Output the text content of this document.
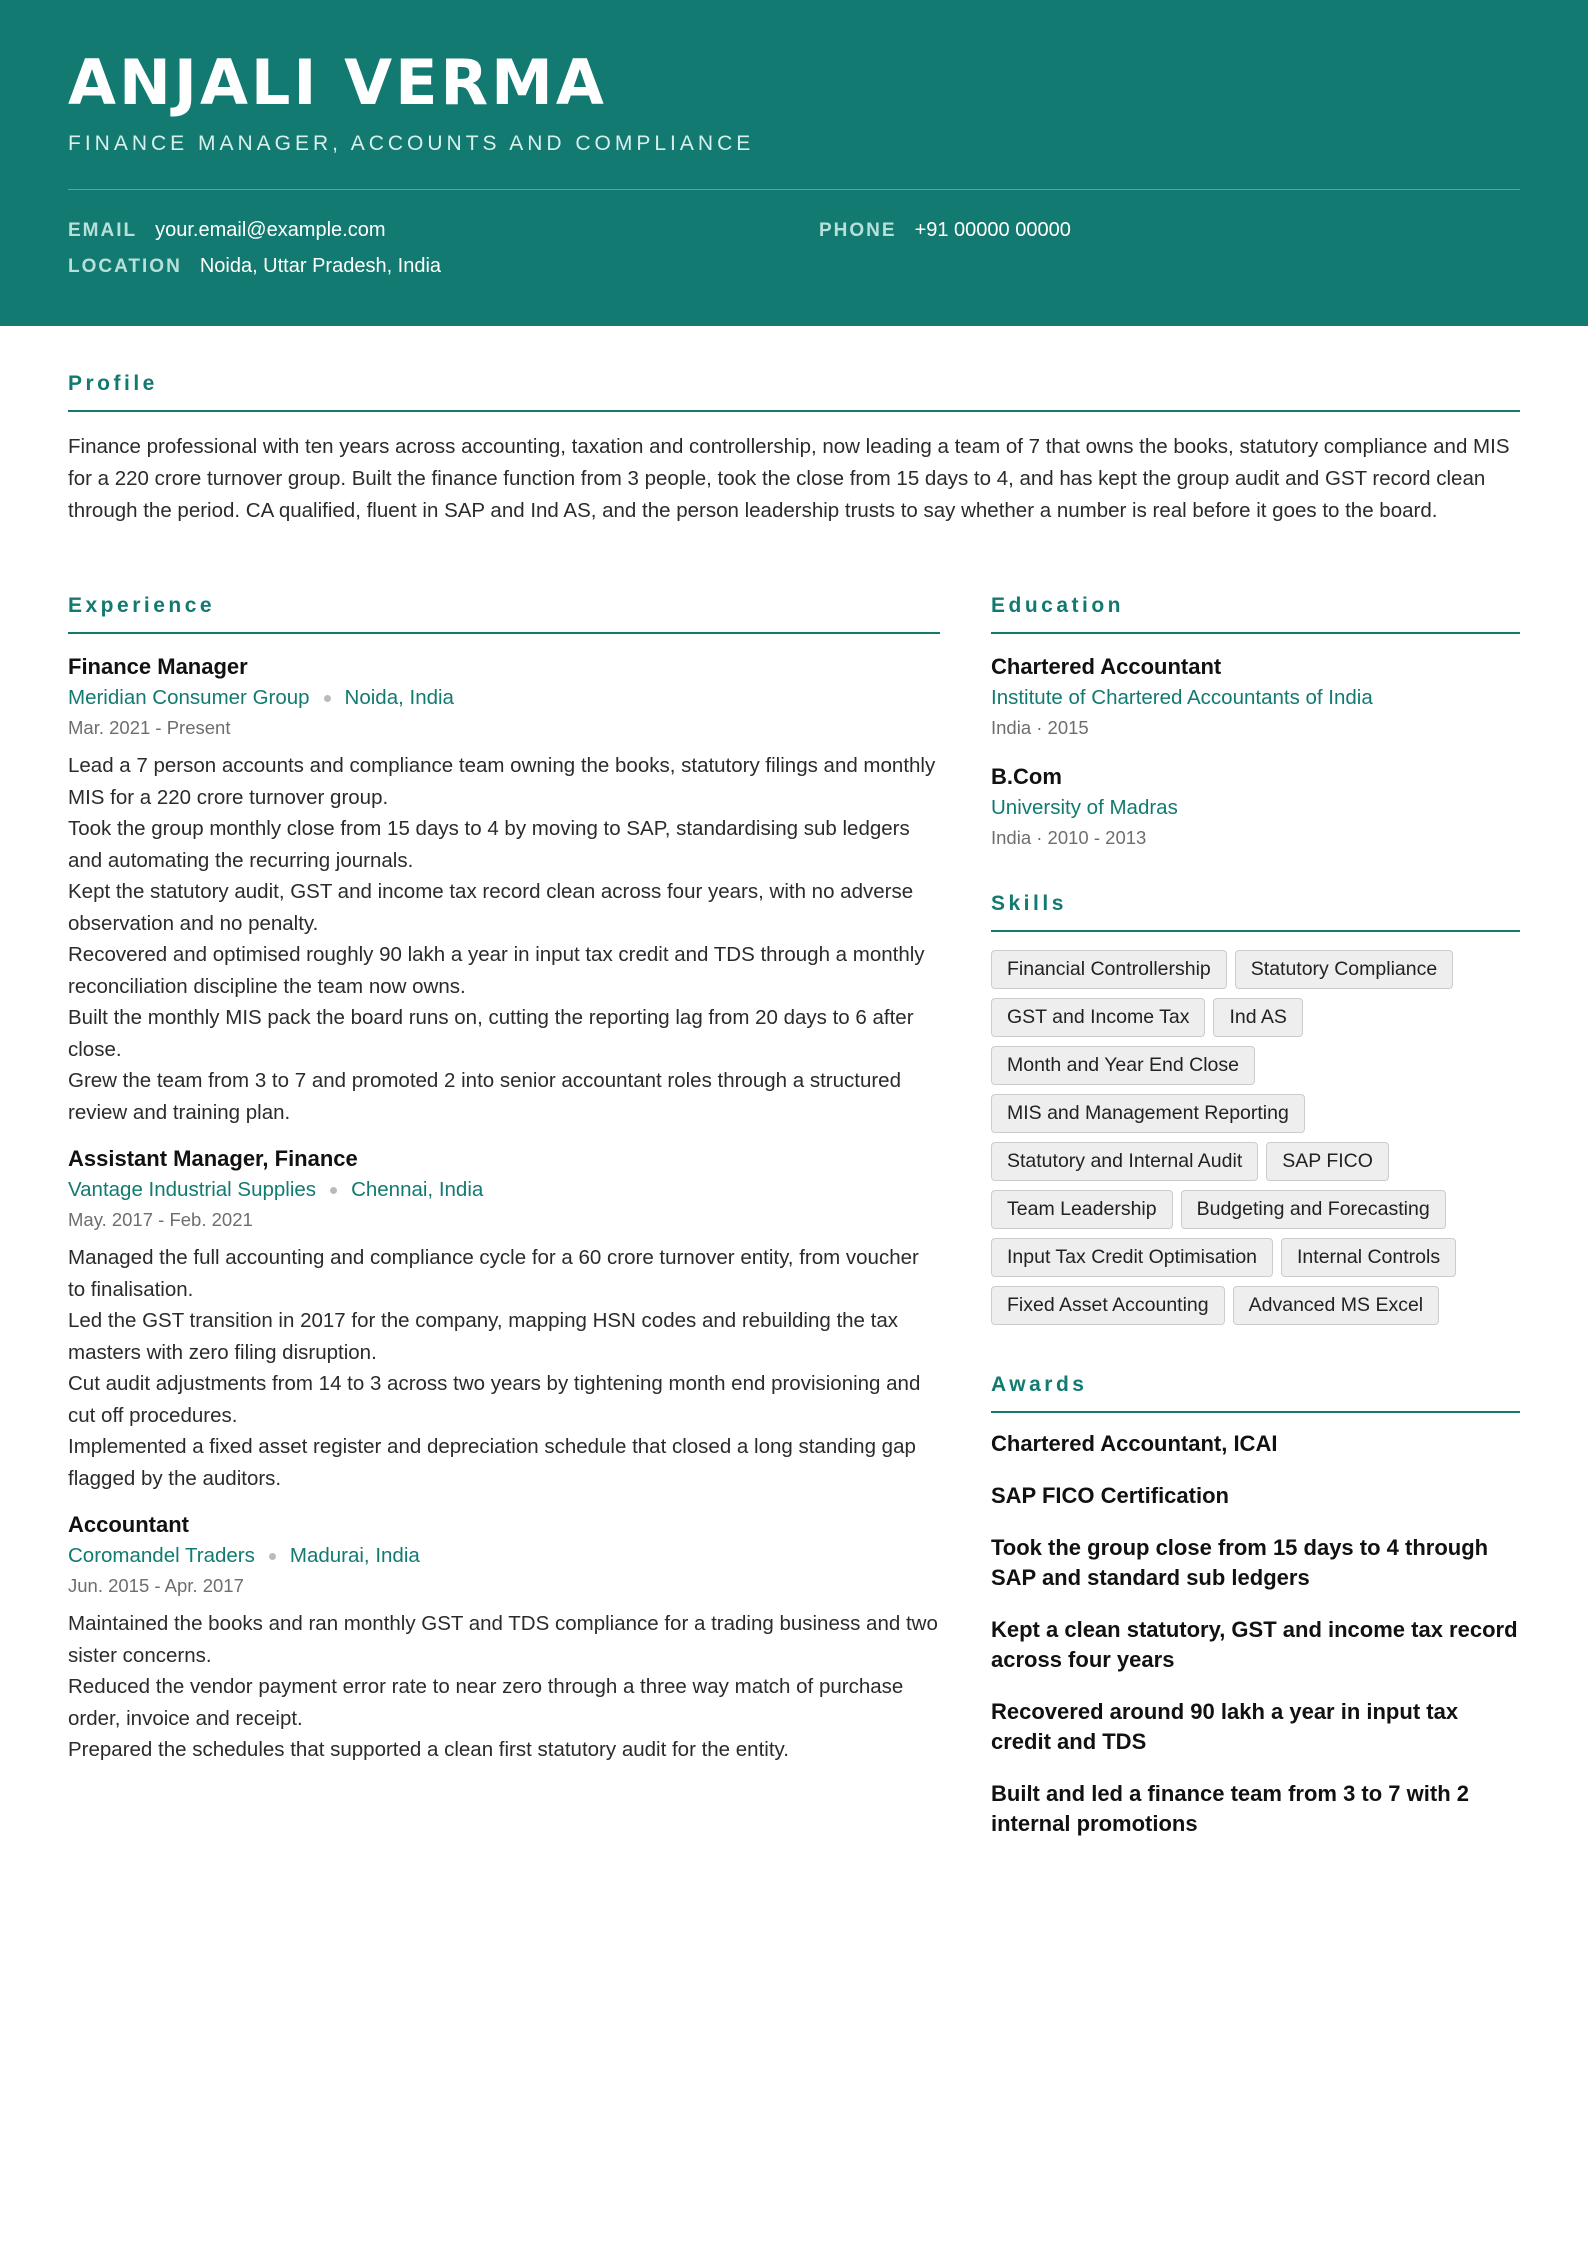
ANJALI VERMA
FINANCE MANAGER, ACCOUNTS AND COMPLIANCE
EMAIL your.email@example.com	PHONE +91 00000 00000
LOCATION Noida, Uttar Pradesh, India
Profile
Finance professional with ten years across accounting, taxation and controllership, now leading a team of 7 that owns the books, statutory compliance and MIS for a 220 crore turnover group. Built the finance function from 3 people, took the close from 15 days to 4, and has kept the group audit and GST record clean through the period. CA qualified, fluent in SAP and Ind AS, and the person leadership trusts to say whether a number is real before it goes to the board.
Experience
Finance Manager
Meridian Consumer Group Noida, India
Mar. 2021 - Present
Lead a 7 person accounts and compliance team owning the books, statutory filings and monthly MIS for a 220 crore turnover group.
Took the group monthly close from 15 days to 4 by moving to SAP, standardising sub ledgers and automating the recurring journals.
Kept the statutory audit, GST and income tax record clean across four years, with no adverse observation and no penalty.
Recovered and optimised roughly 90 lakh a year in input tax credit and TDS through a monthly reconciliation discipline the team now owns.
Built the monthly MIS pack the board runs on, cutting the reporting lag from 20 days to 6 after close.
Grew the team from 3 to 7 and promoted 2 into senior accountant roles through a structured review and training plan.
Assistant Manager, Finance
Vantage Industrial Supplies Chennai, India
May. 2017 - Feb. 2021
Managed the full accounting and compliance cycle for a 60 crore turnover entity, from voucher to finalisation.
Led the GST transition in 2017 for the company, mapping HSN codes and rebuilding the tax masters with zero filing disruption.
Cut audit adjustments from 14 to 3 across two years by tightening month end provisioning and cut off procedures.
Implemented a fixed asset register and depreciation schedule that closed a long standing gap flagged by the auditors.
Accountant
Coromandel Traders Madurai, India
Jun. 2015 - Apr. 2017
Maintained the books and ran monthly GST and TDS compliance for a trading business and two sister concerns.
Reduced the vendor payment error rate to near zero through a three way match of purchase order, invoice and receipt.
Prepared the schedules that supported a clean first statutory audit for the entity.
Education
Chartered Accountant
Institute of Chartered Accountants of India
India · 2015
B.Com
University of Madras
India · 2010 - 2013
Skills
Financial Controllership	Statutory Compliance
GST and Income Tax	Ind AS
Month and Year End Close
MIS and Management Reporting
Statutory and Internal Audit	SAP FICO
Team Leadership	Budgeting and Forecasting
Input Tax Credit Optimisation	Internal Controls
Fixed Asset Accounting	Advanced MS Excel
Awards
Chartered Accountant, ICAI
SAP FICO Certification
Took the group close from 15 days to 4 through SAP and standard sub ledgers
Kept a clean statutory, GST and income tax record across four years
Recovered around 90 lakh a year in input tax credit and TDS
Built and led a finance team from 3 to 7 with 2 internal promotions
